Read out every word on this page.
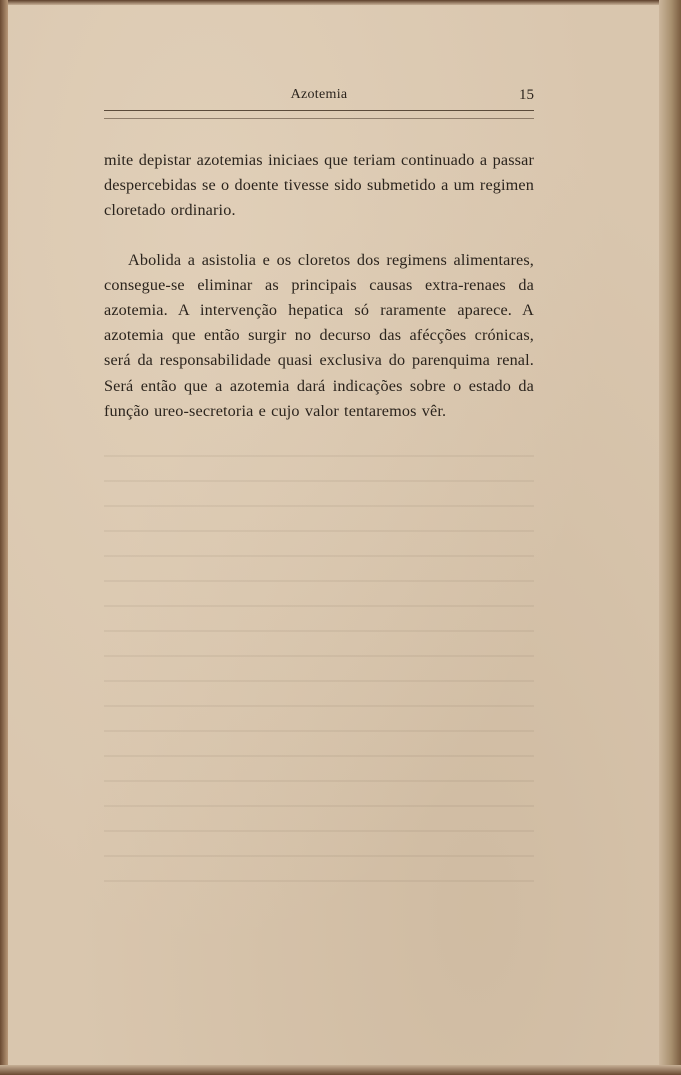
Azotemia	15

mite depistar azotemias iniciaes que teriam continuado a passar despercebidas se o doente tivesse sido submetido a um regimen cloretado ordinario.

Abolida a asistolia e os cloretos dos regimens alimentares, consegue-se eliminar as principais causas extra-renaes da azotemia. A intervenção hepatica só raramente aparece. A azotemia que então surgir no decurso das afécções crónicas, será da responsabilidade quasi exclusiva do parenquima renal. Será então que a azotemia dará indicações sobre o estado da função ureo-secretoria e cujo valor tentaremos vêr.
